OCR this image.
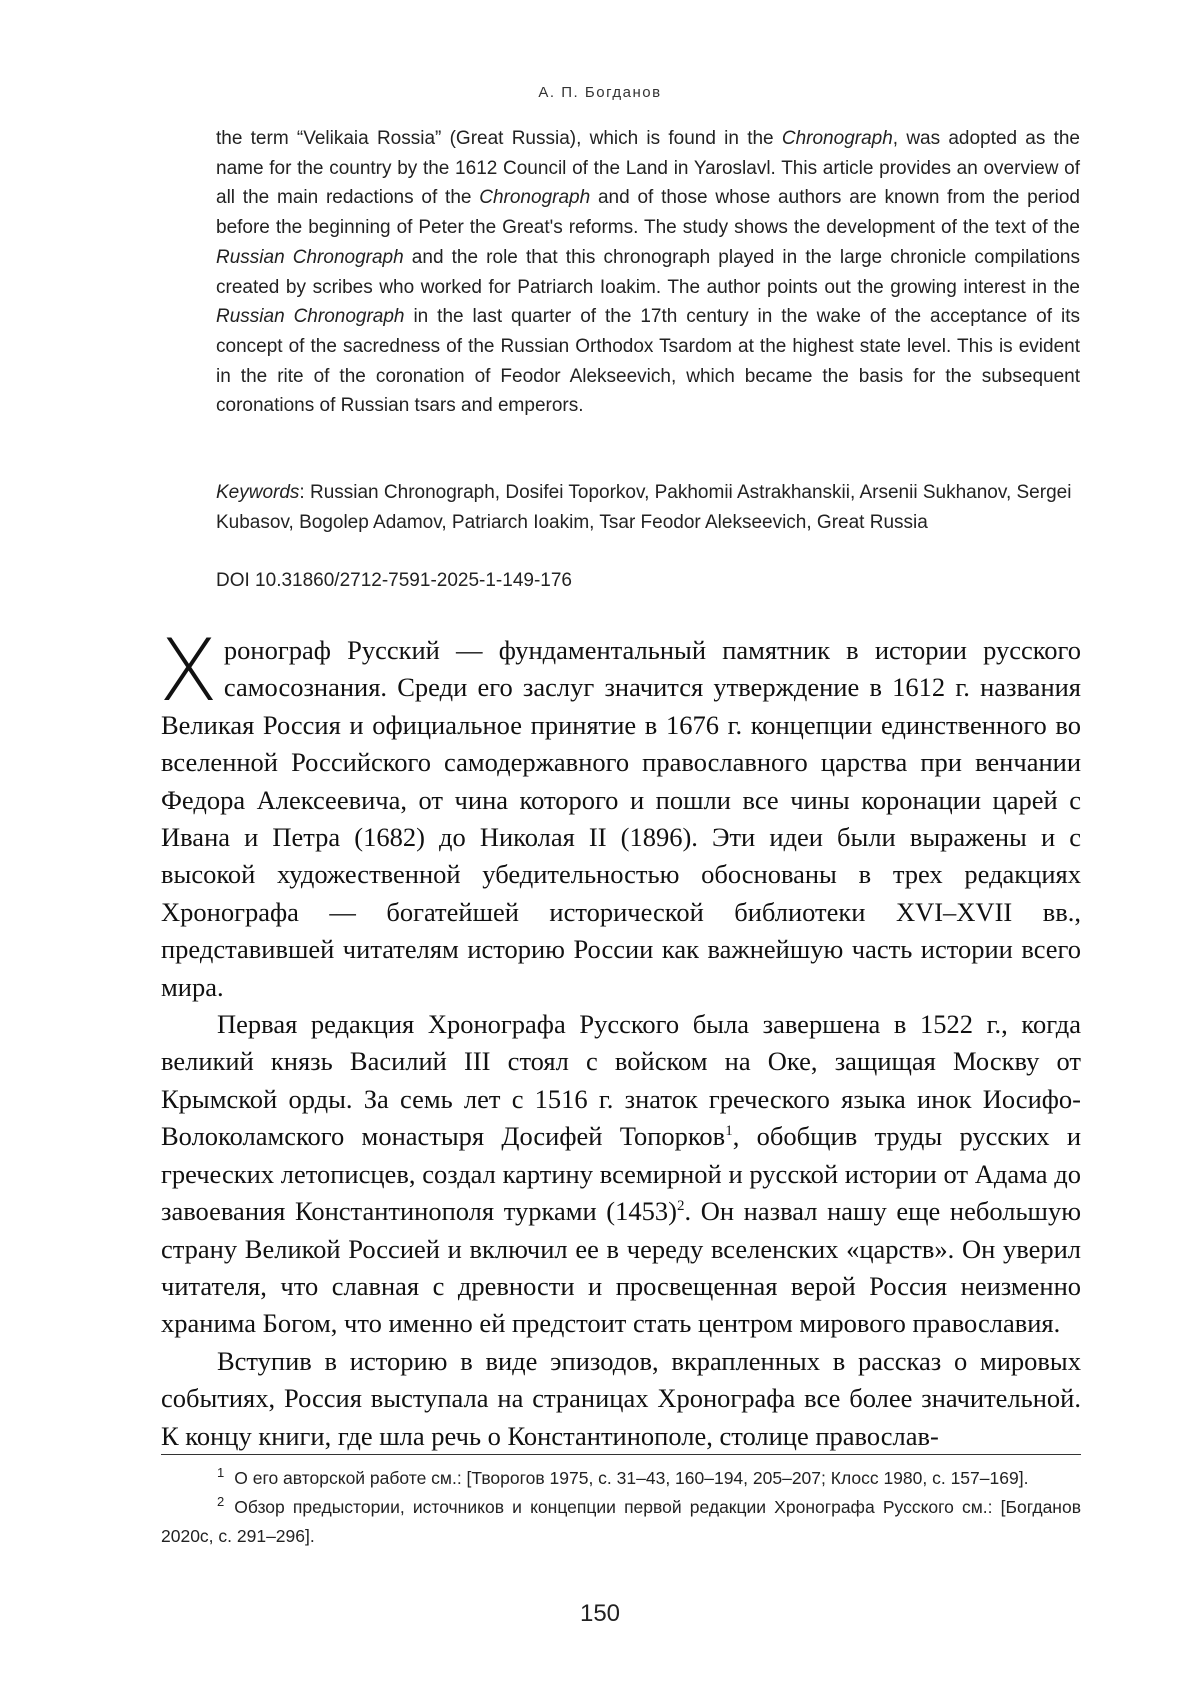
А. П. Богданов

the term “Velikaia Rossia” (Great Russia), which is found in the Chronograph, was adopted as the name for the country by the 1612 Council of the Land in Yaroslavl. This article provides an overview of all the main redactions of the Chronograph and of those whose authors are known from the period before the beginning of Peter the Great's reforms. The study shows the development of the text of the Russian Chronograph and the role that this chronograph played in the large chronicle compilations created by scribes who worked for Patriarch Ioakim. The author points out the growing interest in the Russian Chronograph in the last quarter of the 17th century in the wake of the acceptance of its concept of the sacredness of the Russian Orthodox Tsardom at the highest state level. This is evident in the rite of the coronation of Feodor Alekseevich, which became the basis for the subsequent coronations of Russian tsars and emperors.

Keywords: Russian Chronograph, Dosifei Toporkov, Pakhomii Astrakhanskii, Arsenii Sukhanov, Sergei Kubasov, Bogolep Adamov, Patriarch Ioakim, Tsar Feodor Alekseevich, Great Russia
DOI 10.31860/2712-7591-2025-1-149-176

Хронограф Русский — фундаментальный памятник в истории русского самосознания. Среди его заслуг значится утверждение в 1612 г. названия Великая Россия и официальное принятие в 1676 г. концепции единственного во вселенной Российского самодержавного православного царства при венчании Федора Алексеевича, от чина которого и пошли все чины коронации царей с Ивана и Петра (1682) до Николая II (1896). Эти идеи были выражены и с высокой художественной убедительностью обоснованы в трех редакциях Хронографа — богатейшей исторической библиотеки XVI–XVII вв., представившей читателям историю России как важнейшую часть истории всего мира.

Первая редакция Хронографа Русского была завершена в 1522 г., когда великий князь Василий III стоял с войском на Оке, защищая Москву от Крымской орды. За семь лет с 1516 г. знаток греческого языка инок Иосифо-Волоколамского монастыря Досифей Топорков$^1$, обобщив труды русских и греческих летописцев, создал картину всемирной и русской истории от Адама до завоевания Константинополя турками $(1453)^2$. Он назвал нашу еще небольшую страну Великой Россией и включил ее в череду вселенских «царств». Он уверил читателя, что славная с древности и просвещенная верой Россия неизменно хранима Богом, что именно ей предстоит стать центром мирового православия.

Вступив в историю в виде эпизодов, вкрапленных в рассказ о мировых событиях, Россия выступала на страницах Хронографа все более значительной. К концу книги, где шла речь о Константинополе, столице православ-

$^1$ О его авторской работе см.: [Творогов 1975, с. 31–43, 160–194, 205–207; Клосс 1980, с. 157–169].

$^2$ Обзор предыстории, источников и концепции первой редакции Хронографа Русского см.: [Богданов 2020c, с. 291–296].

150
